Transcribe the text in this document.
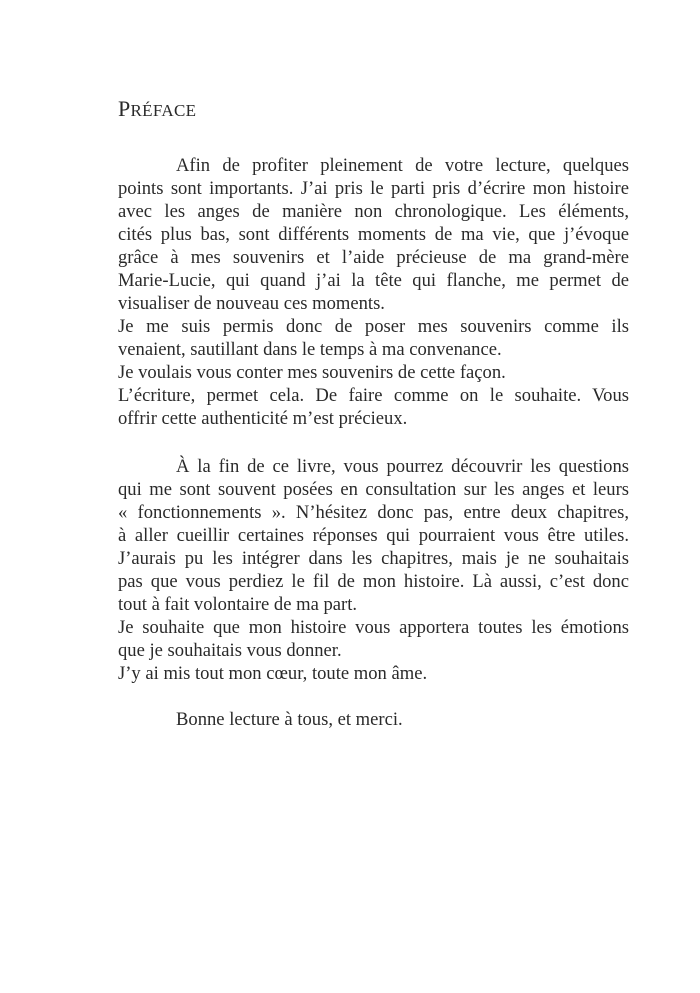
PRÉFACE
Afin de profiter pleinement de votre lecture, quelques
points sont importants. J’ai pris le parti pris d’écrire mon histoire
avec les anges de manière non chronologique. Les éléments,
cités plus bas, sont différents moments de ma vie, que j’évoque
grâce à mes souvenirs et l’aide précieuse de ma grand-mère
Marie-Lucie, qui quand j’ai la tête qui flanche, me permet de
visualiser de nouveau ces moments.
Je me suis permis donc de poser mes souvenirs comme ils
venaient, sautillant dans le temps à ma convenance.
Je voulais vous conter mes souvenirs de cette façon.
L’écriture, permet cela. De faire comme on le souhaite. Vous
offrir cette authenticité m’est précieux.
À la fin de ce livre, vous pourrez découvrir les questions
qui me sont souvent posées en consultation sur les anges et leurs
« fonctionnements ». N’hésitez donc pas, entre deux chapitres,
à aller cueillir certaines réponses qui pourraient vous être utiles.
J’aurais pu les intégrer dans les chapitres, mais je ne souhaitais
pas que vous perdiez le fil de mon histoire. Là aussi, c’est donc
tout à fait volontaire de ma part.
Je souhaite que mon histoire vous apportera toutes les émotions
que je souhaitais vous donner.
J’y ai mis tout mon cœur, toute mon âme.
Bonne lecture à tous, et merci.
